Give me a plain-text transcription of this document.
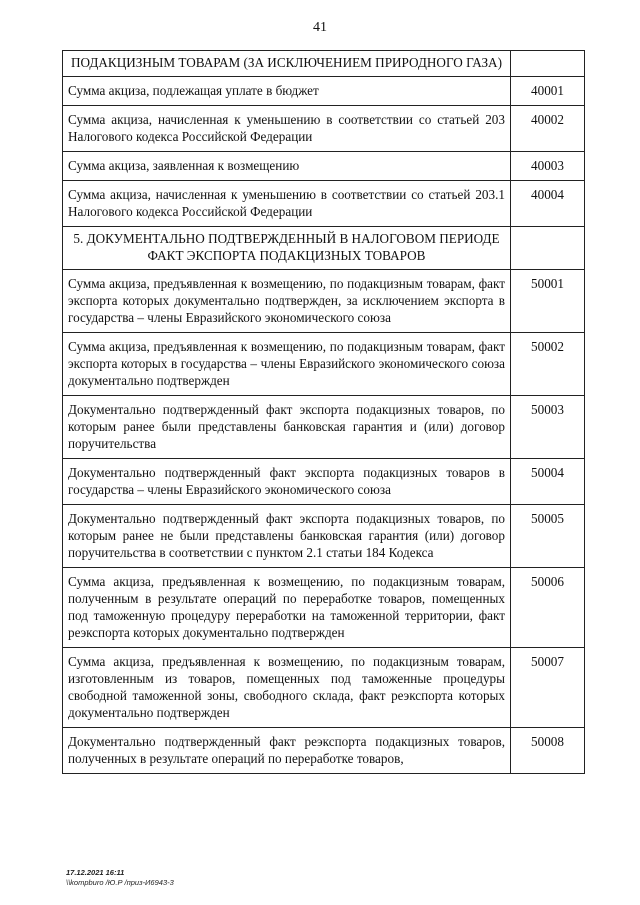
41
ПОДАКЦИЗНЫМ ТОВАРАМ (ЗА ИСКЛЮЧЕНИЕМ ПРИРОДНОГО ГАЗА)	
Сумма акциза, подлежащая уплате в бюджет	40001
Сумма акциза, начисленная к уменьшению в соответствии со статьей 203 Налогового кодекса Российской Федерации	40002
Сумма акциза, заявленная к возмещению	40003
Сумма акциза, начисленная к уменьшению в соответствии со статьей 203.1 Налогового кодекса Российской Федерации	40004
5. ДОКУМЕНТАЛЬНО ПОДТВЕРЖДЕННЫЙ В НАЛОГОВОМ ПЕРИОДЕ ФАКТ ЭКСПОРТА ПОДАКЦИЗНЫХ ТОВАРОВ	
Сумма акциза, предъявленная к возмещению, по подакцизным товарам, факт экспорта которых документально подтвержден, за исключением экспорта в государства – члены Евразийского экономического союза	50001
Сумма акциза, предъявленная к возмещению, по подакцизным товарам, факт экспорта которых в государства – члены Евразийского экономического союза документально подтвержден	50002
Документально подтвержденный факт экспорта подакцизных товаров, по которым ранее были представлены банковская гарантия и (или) договор поручительства	50003
Документально подтвержденный факт экспорта подакцизных товаров в государства – члены Евразийского экономического союза	50004
Документально подтвержденный факт экспорта подакцизных товаров, по которым ранее не были представлены банковская гарантия (или) договор поручительства в соответствии с пунктом 2.1 статьи 184 Кодекса	50005
Сумма акциза, предъявленная к возмещению, по подакцизным товарам, полученным в результате операций по переработке товаров, помещенных под таможенную процедуру переработки на таможенной территории, факт реэкспорта которых документально подтвержден	50006
Сумма акциза, предъявленная к возмещению, по подакцизным товарам, изготовленным из товаров, помещенных под таможенные процедуры свободной таможенной зоны, свободного склада, факт реэкспорта которых документально подтвержден	50007
Документально подтвержденный факт реэкспорта подакцизных товаров, полученных в результате операций по переработке товаров,	50008
17.12.2021 16:11
\\kompburo /Ю.Р /приз-И6943-3
